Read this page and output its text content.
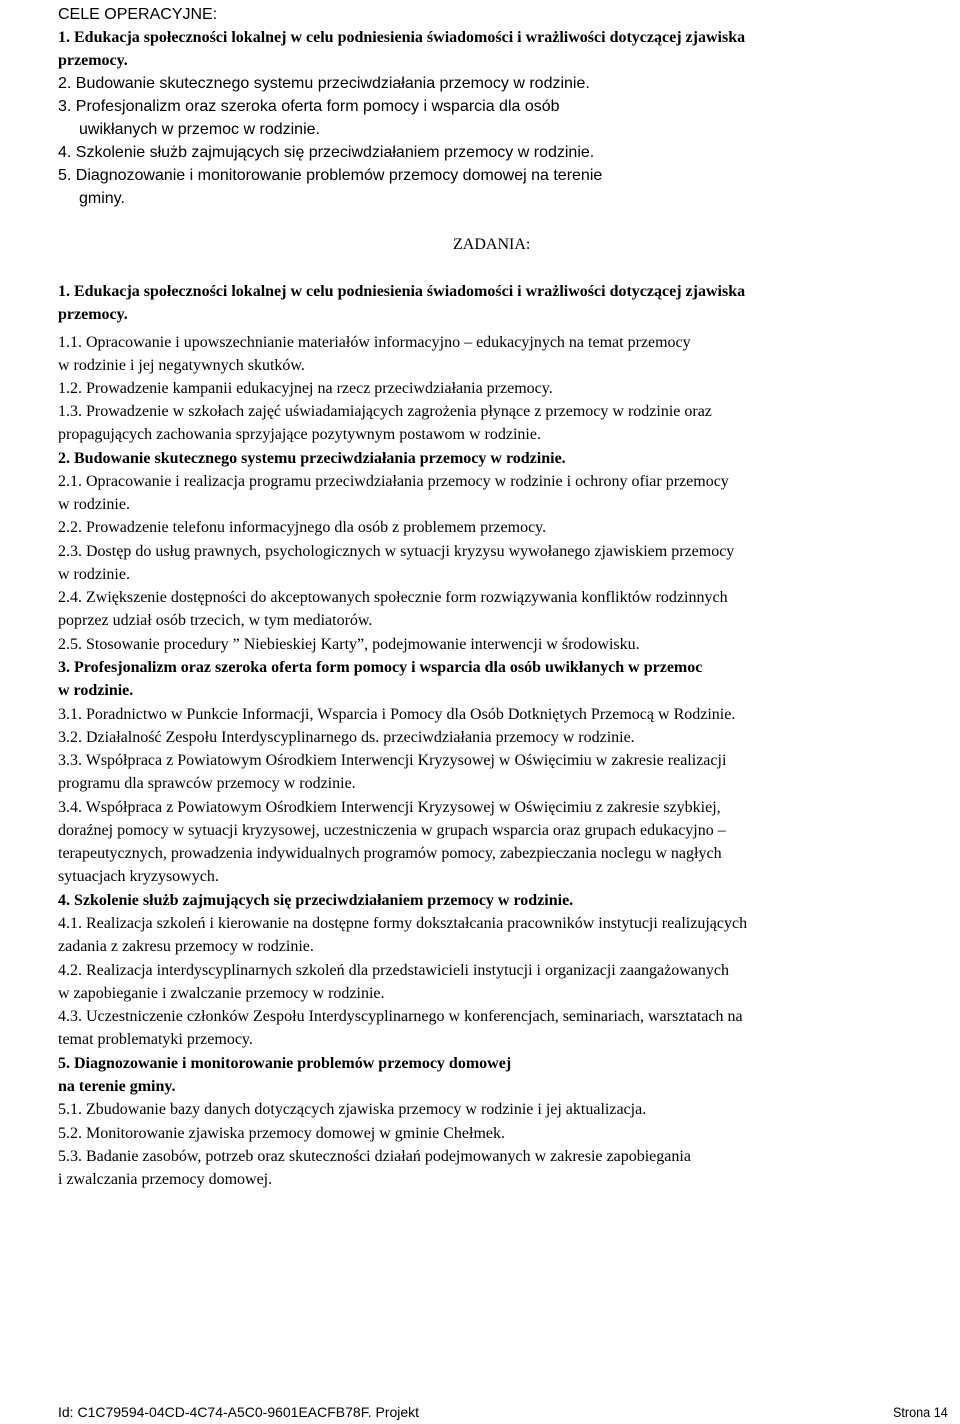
CELE OPERACYJNE:
1. Edukacja społeczności lokalnej w celu podniesienia świadomości i wrażliwości dotyczącej zjawiska
przemocy.
2. Budowanie skutecznego systemu przeciwdziałania przemocy w rodzinie.
3. Profesjonalizm oraz szeroka oferta form pomocy i wsparcia dla osób
uwikłanych w przemoc w rodzinie.
4. Szkolenie służb zajmujących się przeciwdziałaniem przemocy w rodzinie.
5. Diagnozowanie i monitorowanie problemów przemocy domowej na terenie
gminy.
ZADANIA:
1. Edukacja społeczności lokalnej w celu podniesienia świadomości i wrażliwości dotyczącej zjawiska
przemocy.
1.1. Opracowanie i upowszechnianie materiałów informacyjno – edukacyjnych na temat przemocy
w rodzinie i jej negatywnych skutków.
1.2. Prowadzenie kampanii edukacyjnej na rzecz przeciwdziałania przemocy.
1.3. Prowadzenie w szkołach zajęć uświadamiających zagrożenia płynące z przemocy w rodzinie oraz
propagujących zachowania sprzyjające pozytywnym postawom w rodzinie.
2. Budowanie skutecznego systemu przeciwdziałania przemocy w rodzinie.
2.1. Opracowanie i realizacja programu przeciwdziałania przemocy w rodzinie i ochrony ofiar przemocy
w rodzinie.
2.2. Prowadzenie telefonu informacyjnego dla osób z problemem przemocy.
2.3. Dostęp do usług prawnych, psychologicznych w sytuacji kryzysu wywołanego zjawiskiem przemocy
w rodzinie.
2.4. Zwiększenie dostępności do akceptowanych społecznie form rozwiązywania konfliktów rodzinnych
poprzez udział osób trzecich, w tym mediatorów.
2.5. Stosowanie procedury ” Niebieskiej Karty”, podejmowanie interwencji w środowisku.
3. Profesjonalizm oraz szeroka oferta form pomocy i wsparcia dla osób uwikłanych w przemoc
w rodzinie.
3.1. Poradnictwo w Punkcie Informacji, Wsparcia i Pomocy dla Osób Dotkniętych Przemocą w Rodzinie.
3.2. Działalność Zespołu Interdyscyplinarnego ds. przeciwdziałania przemocy w rodzinie.
3.3. Współpraca z Powiatowym Ośrodkiem Interwencji Kryzysowej w Oświęcimiu w zakresie realizacji
programu dla sprawców przemocy w rodzinie.
3.4. Współpraca z Powiatowym Ośrodkiem Interwencji Kryzysowej w Oświęcimiu z zakresie szybkiej,
doraźnej pomocy w sytuacji kryzysowej, uczestniczenia w grupach wsparcia oraz grupach edukacyjno –
terapeutycznych, prowadzenia indywidualnych programów pomocy, zabezpieczania noclegu w nagłych
sytuacjach kryzysowych.
4. Szkolenie służb zajmujących się przeciwdziałaniem przemocy w rodzinie.
4.1. Realizacja szkoleń i kierowanie na dostępne formy dokształcania pracowników instytucji realizujących
zadania z zakresu przemocy w rodzinie.
4.2. Realizacja interdyscyplinarnych szkoleń dla przedstawicieli instytucji i organizacji zaangażowanych
w zapobieganie i zwalczanie przemocy w rodzinie.
4.3. Uczestniczenie członków Zespołu Interdyscyplinarnego w konferencjach, seminariach, warsztatach na
temat problematyki przemocy.
5. Diagnozowanie i monitorowanie problemów przemocy domowej
na terenie gminy.
5.1. Zbudowanie bazy danych dotyczących zjawiska przemocy w rodzinie i jej aktualizacja.
5.2. Monitorowanie zjawiska przemocy domowej w gminie Chełmek.
5.3. Badanie zasobów, potrzeb oraz skuteczności działań podejmowanych w zakresie zapobiegania
i zwalczania przemocy domowej.
Id: C1C79594-04CD-4C74-A5C0-9601EACFB78F. Projekt	Strona 14
